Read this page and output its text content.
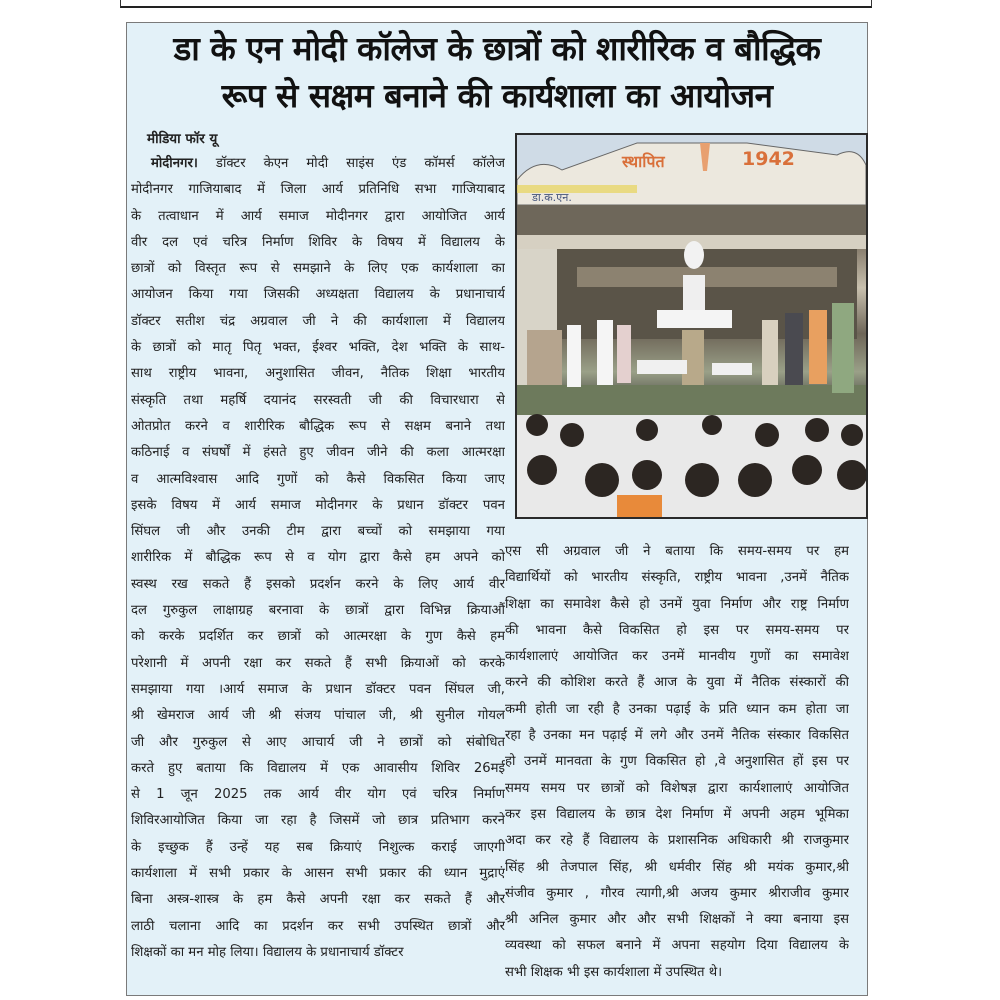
डा के एन मोदी कॉलेज के छात्रों को शारीरिक व बौद्धिक
रूप से सक्षम बनाने की कार्यशाला का आयोजन
मीडिया फॉर यू
मोदीनगर। डॉक्टर केएन मोदी साइंस एंड कॉमर्स कॉलेज
मोदीनगर गाजियाबाद में जिला आर्य प्रतिनिधि सभा गाजियाबाद
के तत्वाधान में आर्य समाज मोदीनगर द्वारा आयोजित आर्य
वीर दल एवं चरित्र निर्माण शिविर के विषय में विद्यालय के
छात्रों को विस्तृत रूप से समझाने के लिए एक कार्यशाला का
आयोजन किया गया जिसकी अध्यक्षता विद्यालय के प्रधानाचार्य
डॉक्टर सतीश चंद्र अग्रवाल जी ने की कार्यशाला में विद्यालय
के छात्रों को मातृ पितृ भक्त, ईश्वर भक्ति, देश भक्ति के साथ-
साथ राष्ट्रीय भावना, अनुशासित जीवन, नैतिक शिक्षा भारतीय
संस्कृति तथा महर्षि दयानंद सरस्वती जी की विचारधारा से
ओतप्रोत करने व शारीरिक बौद्धिक रूप से सक्षम बनाने तथा
कठिनाई व संघर्षों में हंसते हुए जीवन जीने की कला आत्मरक्षा
व आत्मविश्वास आदि गुणों को कैसे विकसित किया जाए
इसके विषय में आर्य समाज मोदीनगर के प्रधान डॉक्टर पवन
सिंघल जी और उनकी टीम द्वारा बच्चों को समझाया गया
शारीरिक में बौद्धिक रूप से व योग द्वारा कैसे हम अपने को
स्वस्थ रख सकते हैं इसको प्रदर्शन करने के लिए आर्य वीर
दल गुरुकुल लाक्षाग्रह बरनावा के छात्रों द्वारा विभिन्न क्रियाऔं
को करके प्रदर्शित कर छात्रों को आत्मरक्षा के गुण कैसे हम
परेशानी में अपनी रक्षा कर सकते हैं सभी क्रियाओं को करके
समझाया गया ।आर्य समाज के प्रधान डॉक्टर पवन सिंघल जी,
श्री खेमराज आर्य जी श्री संजय पांचाल जी, श्री सुनील गोयल
जी और गुरुकुल से आए आचार्य जी ने छात्रों को संबोधित
करते हुए बताया कि विद्यालय में एक आवासीय शिविर 26मई
से 1 जून 2025 तक आर्य वीर योग एवं चरित्र निर्माण
शिविरआयोजित किया जा रहा है जिसमें जो छात्र प्रतिभाग करने
के इच्छुक हैं उन्हें यह सब क्रियाएं निशुल्क कराई जाएगी
कार्यशाला में सभी प्रकार के आसन सभी प्रकार की ध्यान मुद्राएं
बिना अस्त्र-शास्त्र के हम कैसे अपनी रक्षा कर सकते हैं और
लाठी चलाना आदि का प्रदर्शन कर सभी उपस्थित छात्रों और
शिक्षकों का मन मोह लिया। विद्यालय के प्रधानाचार्य डॉक्टर
स्थापित	1942
डा.क.एन.
एस सी अग्रवाल जी ने बताया कि समय-समय पर हम
विद्यार्थियों को भारतीय संस्कृति, राष्ट्रीय भावना ,उनमें नैतिक
शिक्षा का समावेश कैसे हो उनमें युवा निर्माण और राष्ट्र निर्माण
की भावना कैसे विकसित हो इस पर समय-समय पर
कार्यशालाएं आयोजित कर उनमें मानवीय गुणों का समावेश
करने की कोशिश करते हैं आज के युवा में नैतिक संस्कारों की
कमी होती जा रही है उनका पढ़ाई के प्रति ध्यान कम होता जा
रहा है उनका मन पढ़ाई में लगे और उनमें नैतिक संस्कार विकसित
हो उनमें मानवता के गुण विकसित हो ,वे अनुशासित हों इस पर
समय समय पर छात्रों को विशेषज्ञ द्वारा कार्यशालाएं आयोजित
कर इस विद्यालय के छात्र देश निर्माण में अपनी अहम भूमिका
अदा कर रहे हैं विद्यालय के प्रशासनिक अधिकारी श्री राजकुमार
सिंह श्री तेजपाल सिंह, श्री धर्मवीर सिंह श्री मयंक कुमार,श्री
संजीव कुमार , गौरव त्यागी,श्री अजय कुमार श्रीराजीव कुमार
श्री अनिल कुमार और और सभी शिक्षकों ने क्या बनाया इस
व्यवस्था को सफल बनाने में अपना सहयोग दिया विद्यालय के
सभी शिक्षक भी इस कार्यशाला में उपस्थित थे।
